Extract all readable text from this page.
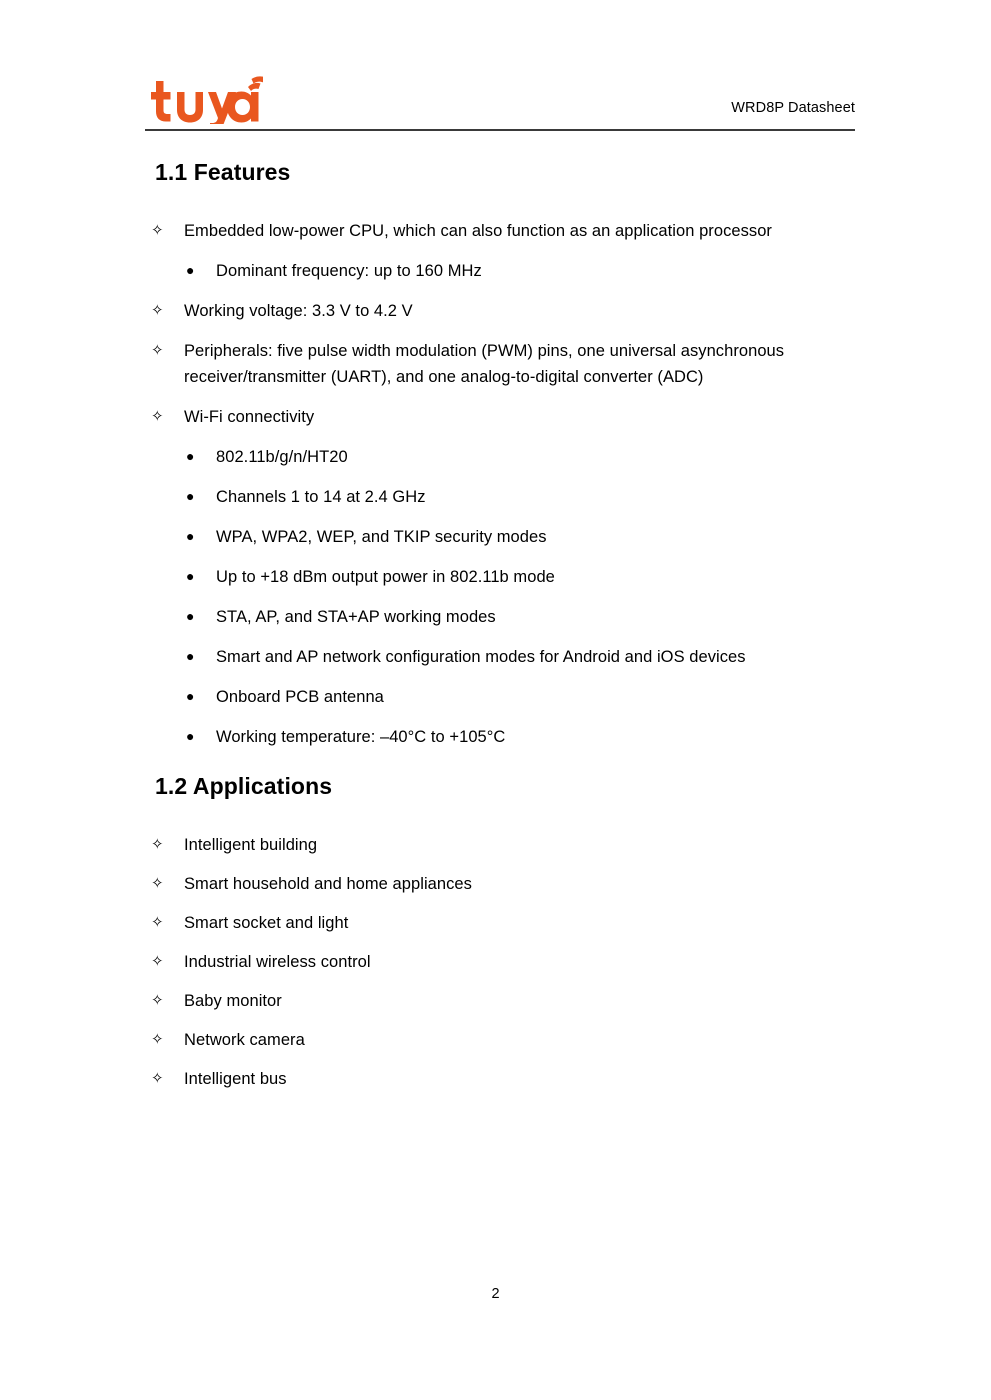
WRD8P Datasheet
1.1 Features
✧	Embedded low-power CPU, which can also function as an application processor
●	Dominant frequency: up to 160 MHz
✧	Working voltage: 3.3 V to 4.2 V
✧	Peripherals: five pulse width modulation (PWM) pins, one universal asynchronous receiver/transmitter (UART), and one analog-to-digital converter (ADC)
✧	Wi-Fi connectivity
●	802.11b/g/n/HT20
●	Channels 1 to 14 at 2.4 GHz
●	WPA, WPA2, WEP, and TKIP security modes
●	Up to +18 dBm output power in 802.11b mode
●	STA, AP, and STA+AP working modes
●	Smart and AP network configuration modes for Android and iOS devices
●	Onboard PCB antenna
●	Working temperature: –40°C to +105°C
1.2 Applications
✧	Intelligent building
✧	Smart household and home appliances
✧	Smart socket and light
✧	Industrial wireless control
✧	Baby monitor
✧	Network camera
✧	Intelligent bus
2
